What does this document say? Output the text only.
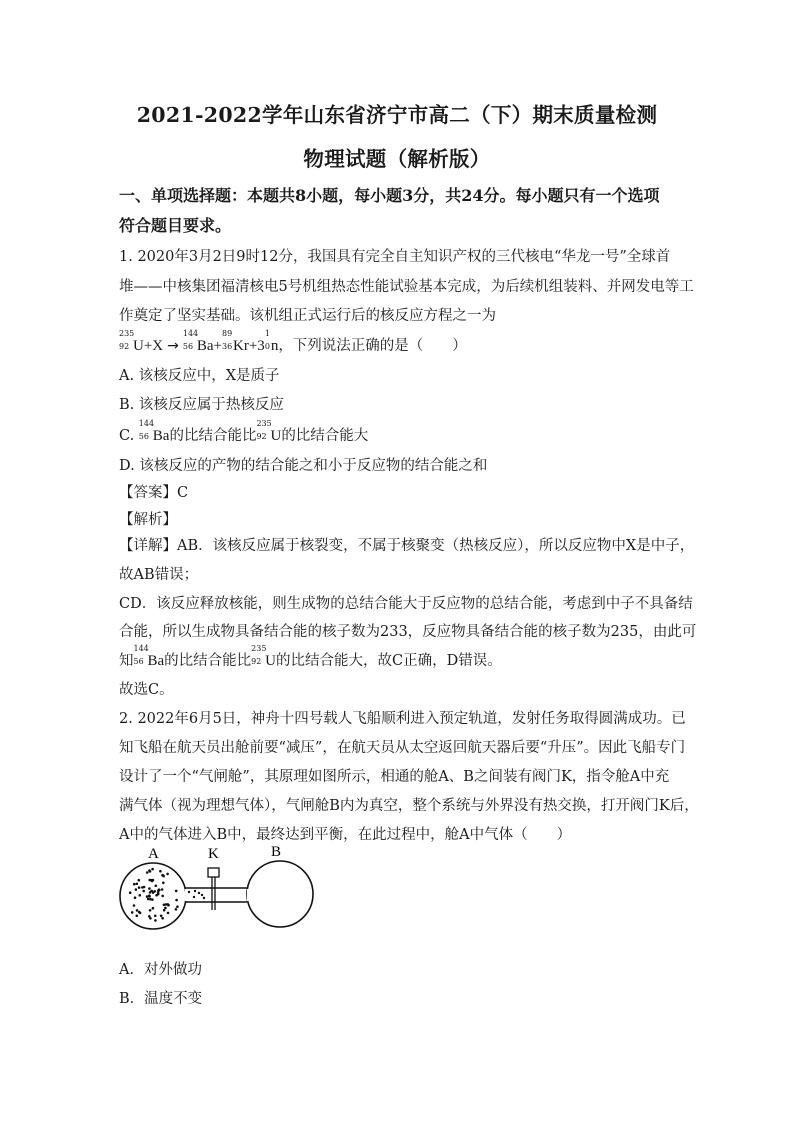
2021-2022学年山东省济宁市高二（下）期末质量检测
物理试题（解析版）
一、单项选择题：本题共8小题，每小题3分，共24分。每小题只有一个选项
符合题目要求。
1. 2020年3月2日9时12分，我国具有完全自主知识产权的三代核电“华龙一号”全球首
堆——中核集团福清核电5号机组热态性能试验基本完成，为后续机组装料、并网发电等工
作奠定了坚实基础。该机组正式运行后的核反应方程之一为
235
92 U+X →
144
56 Ba+
89
36 Kr+3
1
0 n，下列说法正确的是（　　）
A. 该核反应中，X是质子
B. 该核反应属于热核反应
C.
144
56 Ba的比结合能比
235
92 U的比结合能大
D. 该核反应的产物的结合能之和小于反应物的结合能之和
【答案】C
【解析】
【详解】AB．该核反应属于核裂变，不属于核聚变（热核反应），所以反应物中X是中子，
故AB错误；
CD．该反应释放核能，则生成物的总结合能大于反应物的总结合能，考虑到中子不具备结
合能，所以生成物具备结合能的核子数为233，反应物具备结合能的核子数为235，由此可
知
144
56 Ba的比结合能比
235
92 U的比结合能大，故C正确，D错误。
故选C。
2. 2022年6月5日，神舟十四号载人飞船顺利进入预定轨道，发射任务取得圆满成功。已
知飞船在航天员出舱前要“减压”，在航天员从太空返回航天器后要“升压”。因此飞船专门
设计了一个“气闸舱”，其原理如图所示，相通的舱A、B之间装有阀门K，指令舱A中充
满气体（视为理想气体），气闸舱B内为真空，整个系统与外界没有热交换，打开阀门K后，
A中的气体进入B中，最终达到平衡，在此过程中，舱A中气体（　　）
A	K	B
A．对外做功
B．温度不变
